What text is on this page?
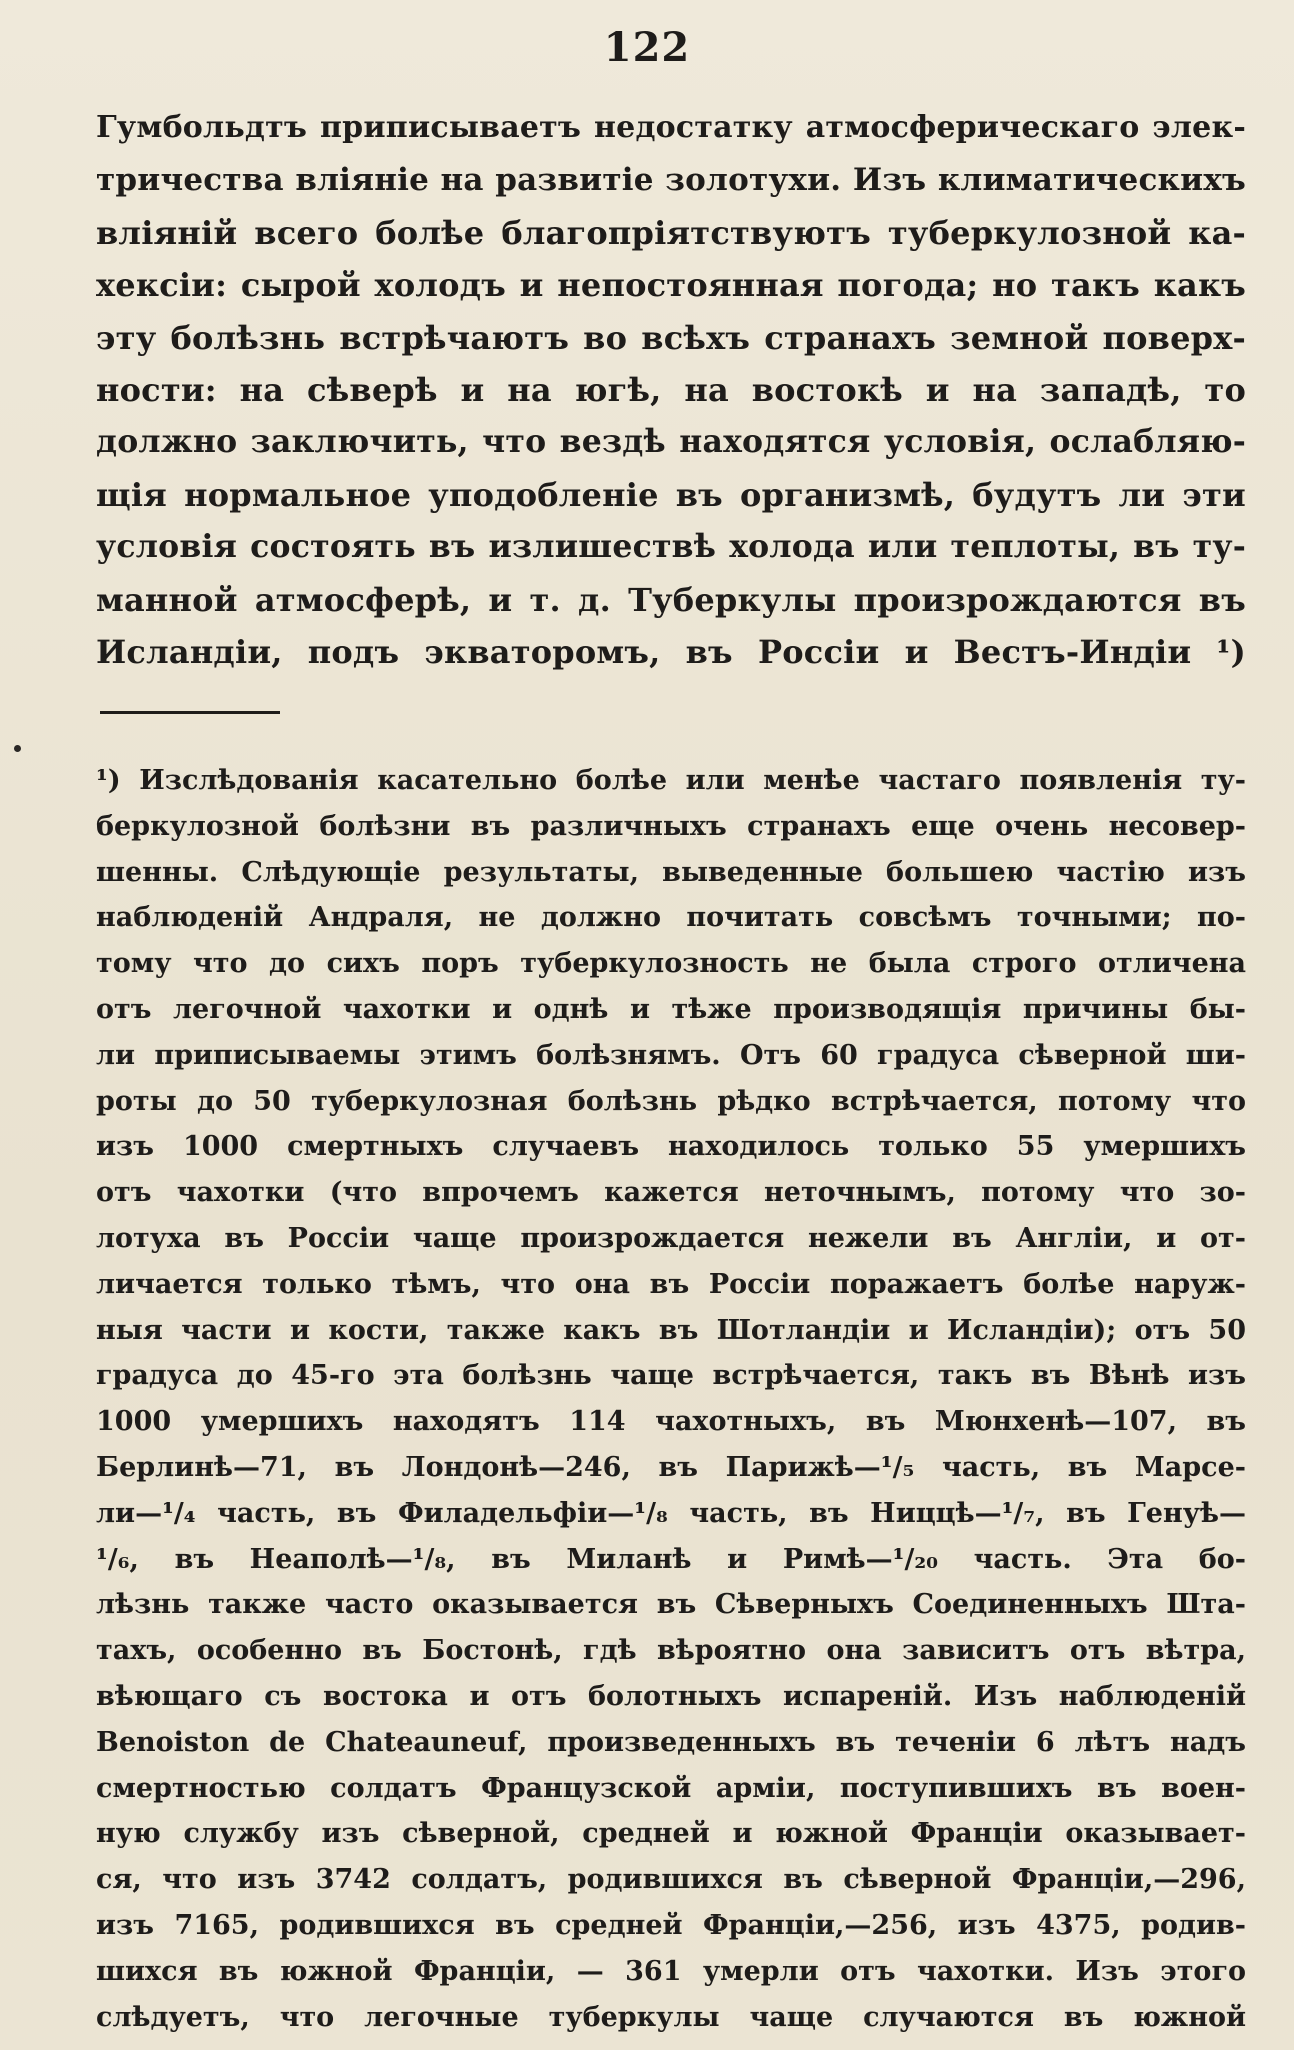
122
Гумбольдтъ приписываетъ недостатку атмосферическаго элек-
тричества вліяніе на развитіе золотухи. Изъ климатическихъ
вліяній всего болѣе благопріятствуютъ туберкулозной ка-
хексіи: сырой холодъ и непостоянная погода; но такъ какъ
эту болѣзнь встрѣчаютъ во всѣхъ странахъ земной поверх-
ности: на сѣверѣ и на югѣ, на востокѣ и на западѣ, то
должно заключить, что вездѣ находятся условія, ослабляю-
щія нормальное уподобленіе въ организмѣ, будутъ ли эти
условія состоять въ излишествѣ холода или теплоты, въ ту-
манной атмосферѣ, и т. д. Туберкулы произрождаются въ
Исландіи, подъ экваторомъ, въ Россіи и Вестъ-Индіи ¹)
¹) Изслѣдованія касательно болѣе или менѣе частаго появленія ту-
беркулозной болѣзни въ различныхъ странахъ еще очень несовер-
шенны. Слѣдующіе результаты, выведенные большею частію изъ
наблюденій Андраля, не должно почитать совсѣмъ точными; по-
тому что до сихъ поръ туберкулозность не была строго отличена
отъ легочной чахотки и однѣ и тѣже производящія причины бы-
ли приписываемы этимъ болѣзнямъ. Отъ 60 градуса сѣверной ши-
роты до 50 туберкулозная болѣзнь рѣдко встрѣчается, потому что
изъ 1000 смертныхъ случаевъ находилось только 55 умершихъ
отъ чахотки (что впрочемъ кажется неточнымъ, потому что зо-
лотуха въ Россіи чаще произрождается нежели въ Англіи, и от-
личается только тѣмъ, что она въ Россіи поражаетъ болѣе наруж-
ныя части и кости, также какъ въ Шотландіи и Исландіи); отъ 50
градуса до 45-го эта болѣзнь чаще встрѣчается, такъ въ Вѣнѣ изъ
1000 умершихъ находятъ 114 чахотныхъ, въ Мюнхенѣ—107, въ
Берлинѣ—71, въ Лондонѣ—246, въ Парижѣ—¹/₅ часть, въ Марсе-
ли—¹/₄ часть, въ Филадельфіи—¹/₈ часть, въ Ниццѣ—¹/₇, въ Генуѣ—
¹/₆, въ Неаполѣ—¹/₈, въ Миланѣ и Римѣ—¹/₂₀ часть. Эта бо-
лѣзнь также часто оказывается въ Сѣверныхъ Соединенныхъ Шта-
тахъ, особенно въ Бостонѣ, гдѣ вѣроятно она зависитъ отъ вѣтра,
вѣющаго съ востока и отъ болотныхъ испареній. Изъ наблюденій
Benoiston de Chateauneuf, произведенныхъ въ теченіи 6 лѣтъ надъ
смертностью солдатъ Французской арміи, поступившихъ въ воен-
ную службу изъ сѣверной, средней и южной Франціи оказывает-
ся, что изъ 3742 солдатъ, родившихся въ сѣверной Франціи,—296,
изъ 7165, родившихся въ средней Франціи,—256, изъ 4375, родив-
шихся въ южной Франціи, — 361 умерли отъ чахотки. Изъ этого
слѣдуетъ, что легочные туберкулы чаще случаются въ южной
